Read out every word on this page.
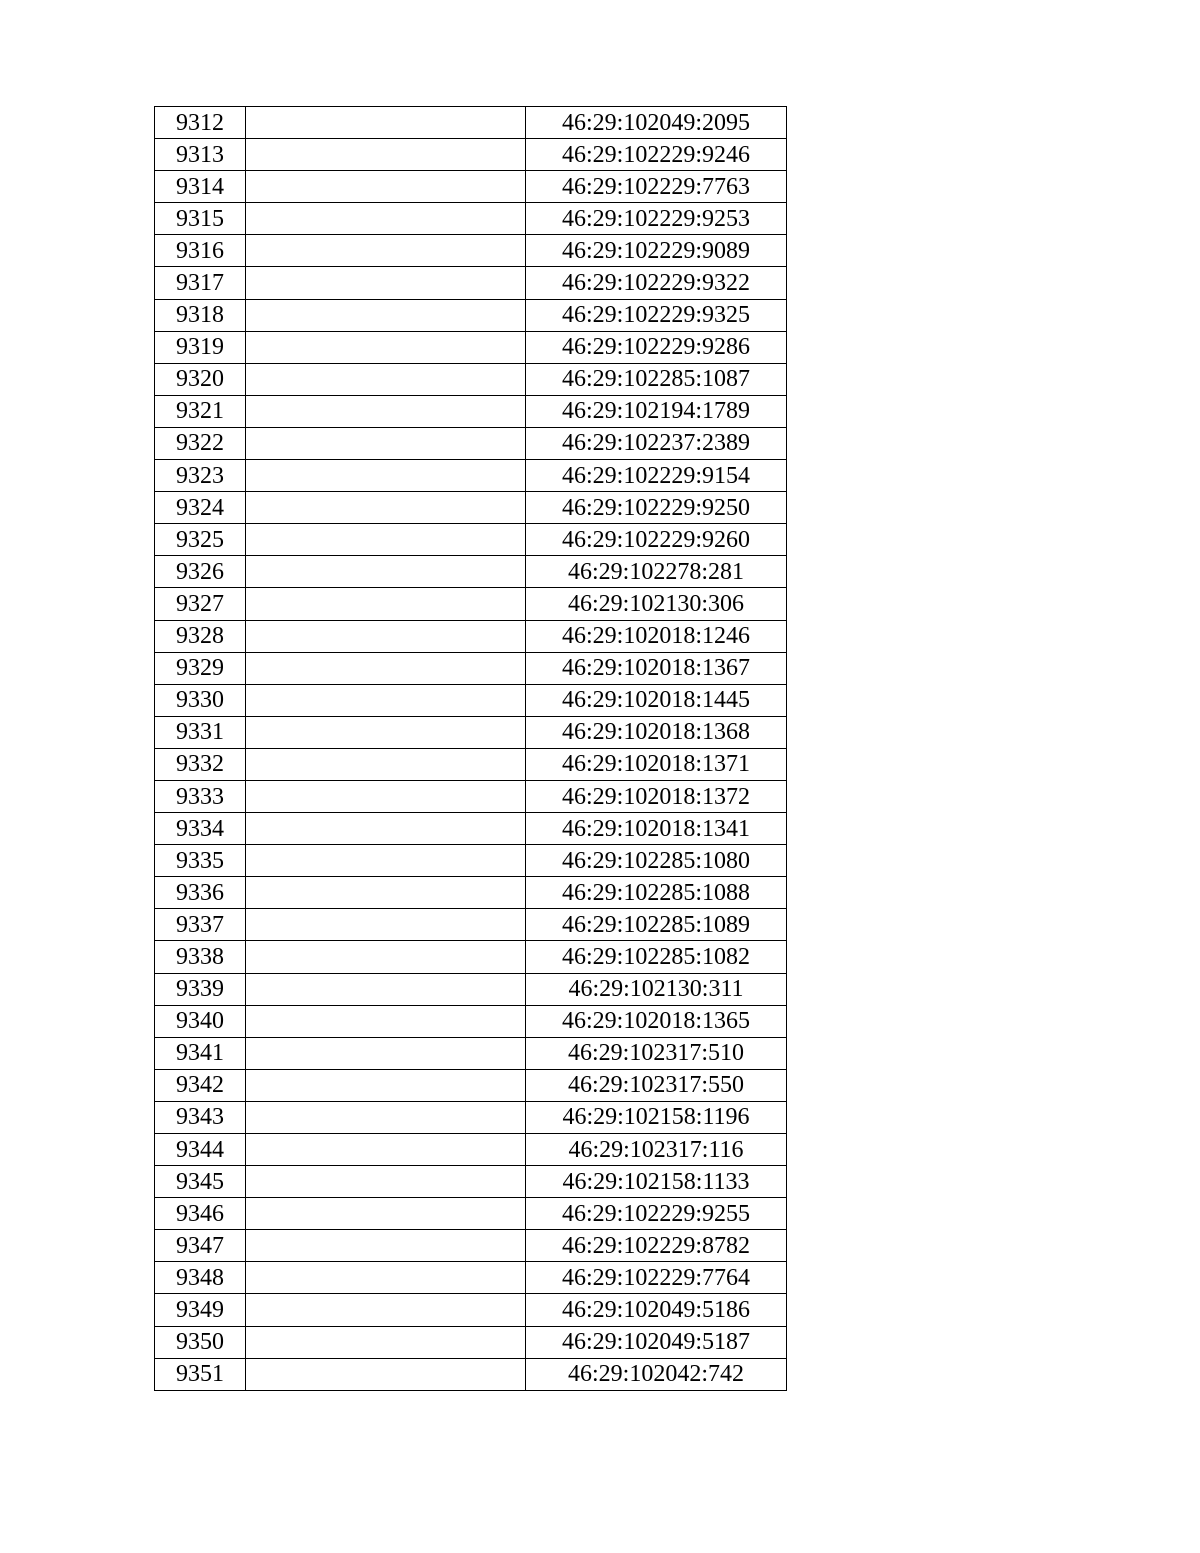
9312		46:29:102049:2095
9313		46:29:102229:9246
9314		46:29:102229:7763
9315		46:29:102229:9253
9316		46:29:102229:9089
9317		46:29:102229:9322
9318		46:29:102229:9325
9319		46:29:102229:9286
9320		46:29:102285:1087
9321		46:29:102194:1789
9322		46:29:102237:2389
9323		46:29:102229:9154
9324		46:29:102229:9250
9325		46:29:102229:9260
9326		46:29:102278:281
9327		46:29:102130:306
9328		46:29:102018:1246
9329		46:29:102018:1367
9330		46:29:102018:1445
9331		46:29:102018:1368
9332		46:29:102018:1371
9333		46:29:102018:1372
9334		46:29:102018:1341
9335		46:29:102285:1080
9336		46:29:102285:1088
9337		46:29:102285:1089
9338		46:29:102285:1082
9339		46:29:102130:311
9340		46:29:102018:1365
9341		46:29:102317:510
9342		46:29:102317:550
9343		46:29:102158:1196
9344		46:29:102317:116
9345		46:29:102158:1133
9346		46:29:102229:9255
9347		46:29:102229:8782
9348		46:29:102229:7764
9349		46:29:102049:5186
9350		46:29:102049:5187
9351		46:29:102042:742
